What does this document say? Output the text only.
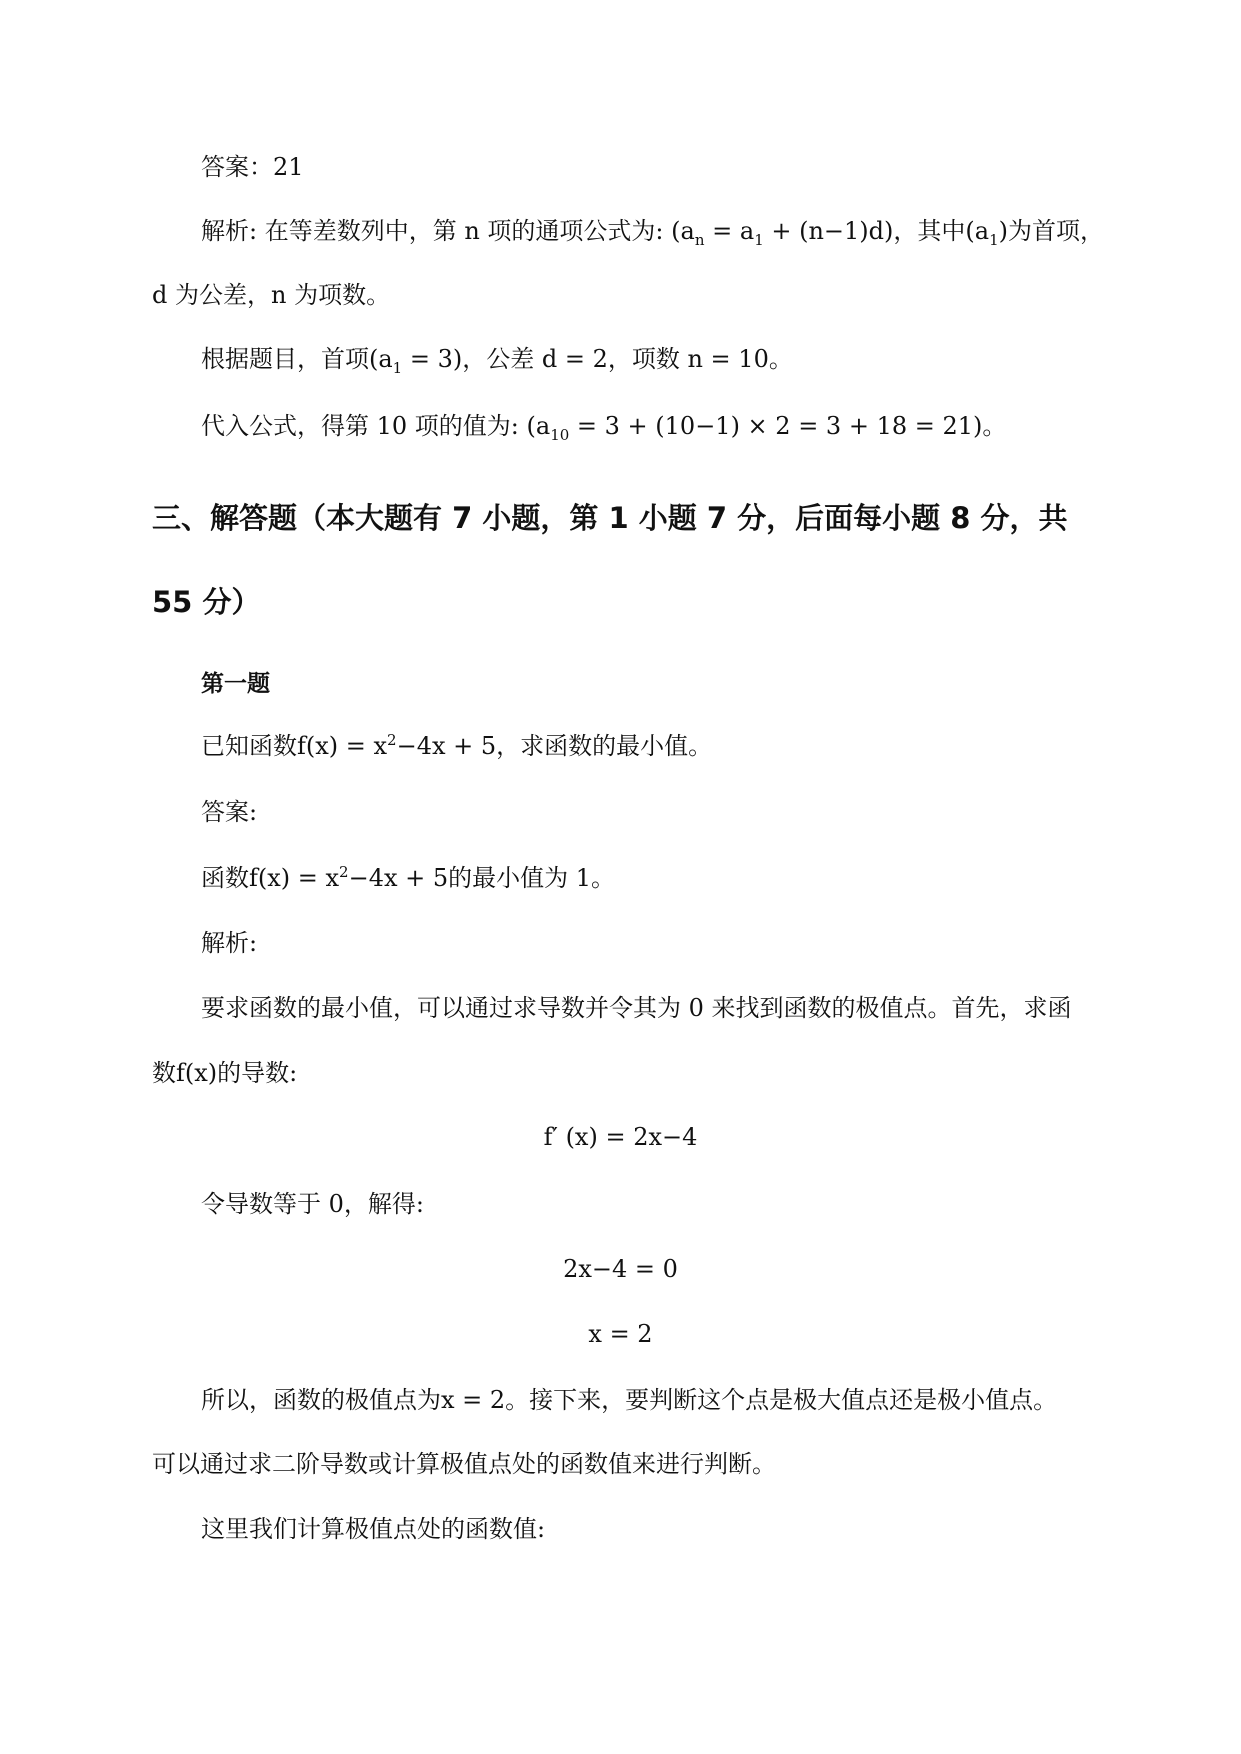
答案：21
解析: 在等差数列中，第 n 项的通项公式为: $(a_n = a_1 + (n-1)d)$，其中$(a_1)$为首项，
d 为公差，n 为项数。
根据题目，首项$(a_1 = 3)$，公差 d = 2，项数 n = 10。
代入公式，得第 10 项的值为: $(a_{10} = 3 + (10-1) \times 2 = 3 + 18 = 21)$。
三、解答题（本大题有 7 小题，第 1 小题 7 分，后面每小题 8 分，共
55 分）
第一题
已知函数$f(x) = x^2-4x + 5$，求函数的最小值。
答案:
函数$f(x) = x^2-4x + 5$的最小值为 1。
解析:
要求函数的最小值，可以通过求导数并令其为 0 来找到函数的极值点。首先，求函
数f(x)的导数:
f′ (x) = 2x−4
令导数等于 0，解得:
2x−4 = 0
x = 2
所以，函数的极值点为x = 2。接下来，要判断这个点是极大值点还是极小值点。
可以通过求二阶导数或计算极值点处的函数值来进行判断。
这里我们计算极值点处的函数值:
